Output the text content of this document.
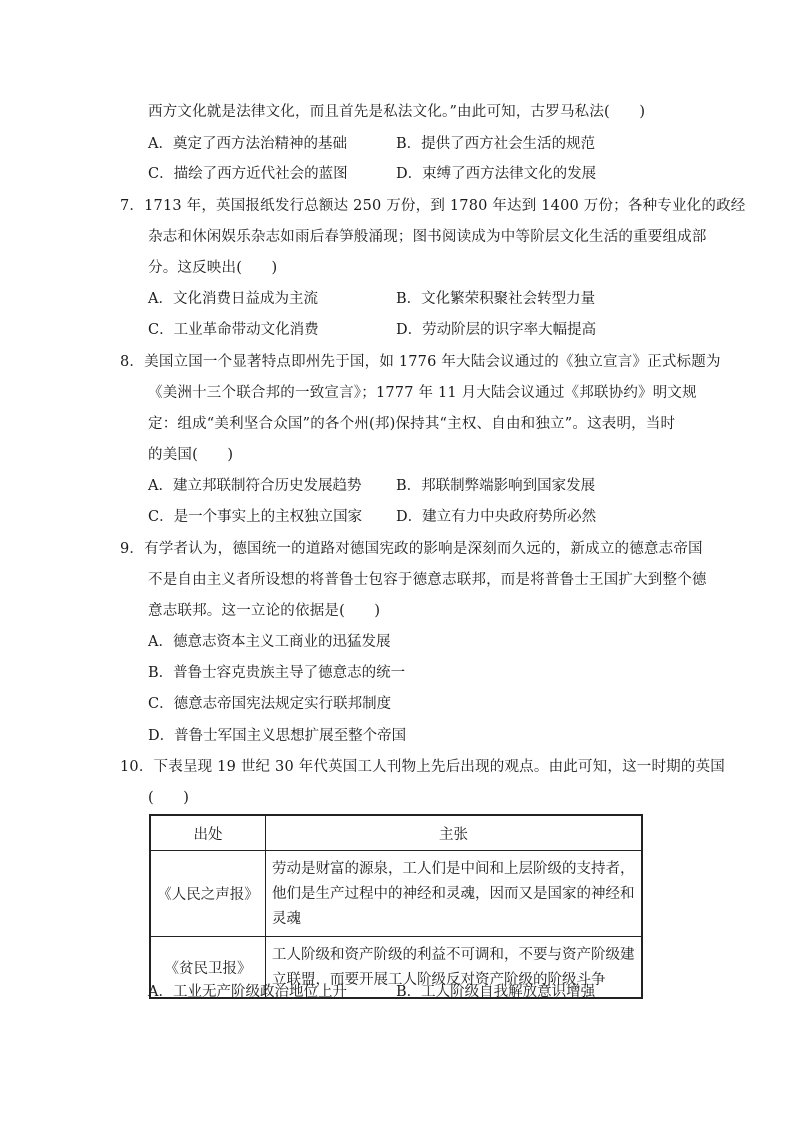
西方文化就是法律文化，而且首先是私法文化。”由此可知，古罗马私法(　　)
A．奠定了西方法治精神的基础	B．提供了西方社会生活的规范
C．描绘了西方近代社会的蓝图	D．束缚了西方法律文化的发展
7．1713 年，英国报纸发行总额达 250 万份，到 1780 年达到 1400 万份；各种专业化的政经
杂志和休闲娱乐杂志如雨后春笋般涌现；图书阅读成为中等阶层文化生活的重要组成部
分。这反映出(　　)
A．文化消费日益成为主流	B．文化繁荣积聚社会转型力量
C．工业革命带动文化消费	D．劳动阶层的识字率大幅提高
8．美国立国一个显著特点即州先于国，如 1776 年大陆会议通过的《独立宣言》正式标题为
《美洲十三个联合邦的一致宣言》；1777 年 11 月大陆会议通过《邦联协约》明文规
定：组成“美利坚合众国”的各个州(邦)保持其“主权、自由和独立”。这表明，当时
的美国(　　)
A．建立邦联制符合历史发展趋势 B．邦联制弊端影响到国家发展
C．是一个事实上的主权独立国家 D．建立有力中央政府势所必然
9．有学者认为，德国统一的道路对德国宪政的影响是深刻而久远的，新成立的德意志帝国
不是自由主义者所设想的将普鲁士包容于德意志联邦，而是将普鲁士王国扩大到整个德
意志联邦。这一立论的依据是(　　)
A．德意志资本主义工商业的迅猛发展
B．普鲁士容克贵族主导了德意志的统一
C．德意志帝国宪法规定实行联邦制度
D．普鲁士军国主义思想扩展至整个帝国
10．下表呈现 19 世纪 30 年代英国工人刊物上先后出现的观点。由此可知，这一时期的英国
(　　)
出处	主张
《人民之声报》	劳动是财富的源泉，工人们是中间和上层阶级的支持者，他们是生产过程中的神经和灵魂，因而又是国家的神经和灵魂
《贫民卫报》	工人阶级和资产阶级的利益不可调和，不要与资产阶级建立联盟，而要开展工人阶级反对资产阶级的阶级斗争
A．工业无产阶级政治地位上升	B．工人阶级自我解放意识增强
